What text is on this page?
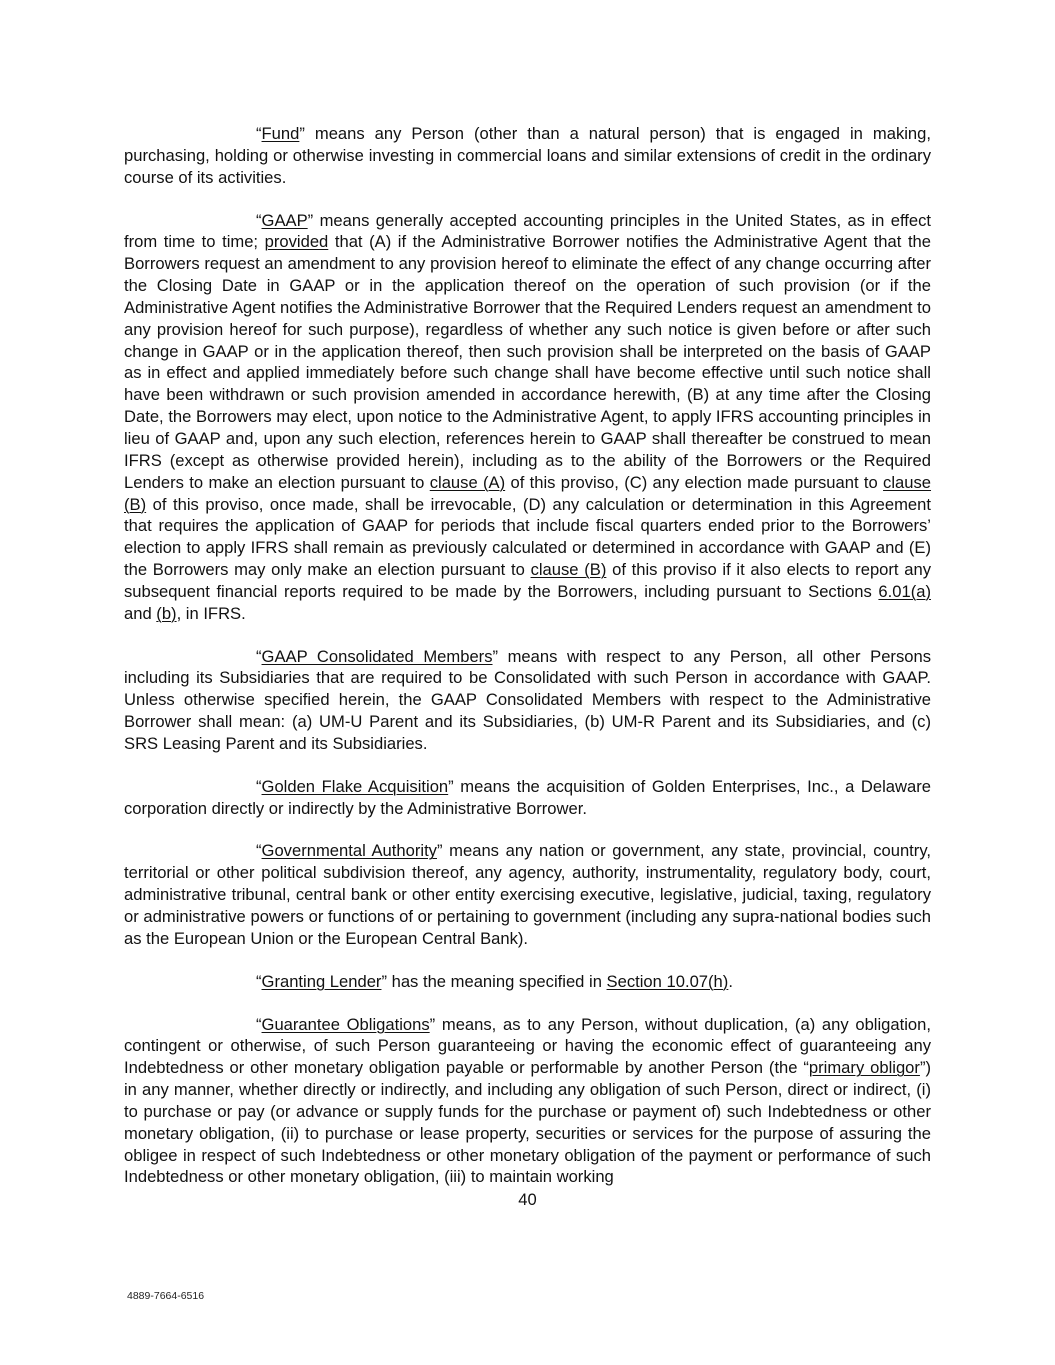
“Fund” means any Person (other than a natural person) that is engaged in making, purchasing, holding or otherwise investing in commercial loans and similar extensions of credit in the ordinary course of its activities.

“GAAP” means generally accepted accounting principles in the United States, as in effect from time to time; provided that (A) if the Administrative Borrower notifies the Administrative Agent that the Borrowers request an amendment to any provision hereof to eliminate the effect of any change occurring after the Closing Date in GAAP or in the application thereof on the operation of such provision (or if the Administrative Agent notifies the Administrative Borrower that the Required Lenders request an amendment to any provision hereof for such purpose), regardless of whether any such notice is given before or after such change in GAAP or in the application thereof, then such provision shall be interpreted on the basis of GAAP as in effect and applied immediately before such change shall have become effective until such notice shall have been withdrawn or such provision amended in accordance herewith, (B) at any time after the Closing Date, the Borrowers may elect, upon notice to the Administrative Agent, to apply IFRS accounting principles in lieu of GAAP and, upon any such election, references herein to GAAP shall thereafter be construed to mean IFRS (except as otherwise provided herein), including as to the ability of the Borrowers or the Required Lenders to make an election pursuant to clause (A) of this proviso, (C) any election made pursuant to clause (B) of this proviso, once made, shall be irrevocable, (D) any calculation or determination in this Agreement that requires the application of GAAP for periods that include fiscal quarters ended prior to the Borrowers’ election to apply IFRS shall remain as previously calculated or determined in accordance with GAAP and (E) the Borrowers may only make an election pursuant to clause (B) of this proviso if it also elects to report any subsequent financial reports required to be made by the Borrowers, including pursuant to Sections 6.01(a) and (b), in IFRS.

“GAAP Consolidated Members” means with respect to any Person, all other Persons including its Subsidiaries that are required to be Consolidated with such Person in accordance with GAAP. Unless otherwise specified herein, the GAAP Consolidated Members with respect to the Administrative Borrower shall mean: (a) UM-U Parent and its Subsidiaries, (b) UM-R Parent and its Subsidiaries, and (c) SRS Leasing Parent and its Subsidiaries.

“Golden Flake Acquisition” means the acquisition of Golden Enterprises, Inc., a Delaware corporation directly or indirectly by the Administrative Borrower.

“Governmental Authority” means any nation or government, any state, provincial, country, territorial or other political subdivision thereof, any agency, authority, instrumentality, regulatory body, court, administrative tribunal, central bank or other entity exercising executive, legislative, judicial, taxing, regulatory or administrative powers or functions of or pertaining to government (including any supra-national bodies such as the European Union or the European Central Bank).

“Granting Lender” has the meaning specified in Section 10.07(h).

“Guarantee Obligations” means, as to any Person, without duplication, (a) any obligation, contingent or otherwise, of such Person guaranteeing or having the economic effect of guaranteeing any Indebtedness or other monetary obligation payable or performable by another Person (the “primary obligor”) in any manner, whether directly or indirectly, and including any obligation of such Person, direct or indirect, (i) to purchase or pay (or advance or supply funds for the purchase or payment of) such Indebtedness or other monetary obligation, (ii) to purchase or lease property, securities or services for the purpose of assuring the obligee in respect of such Indebtedness or other monetary obligation of the payment or performance of such Indebtedness or other monetary obligation, (iii) to maintain working

40
4889-7664-6516
